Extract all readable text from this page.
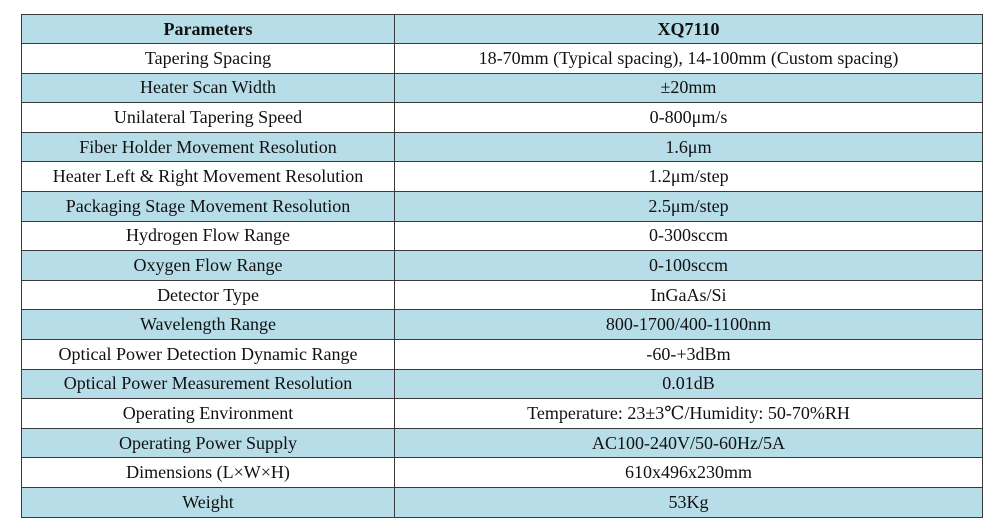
Parameters	XQ7110
Tapering Spacing	18-70mm (Typical spacing), 14-100mm (Custom spacing)
Heater Scan Width	±20mm
Unilateral Tapering Speed	0-800μm/s
Fiber Holder Movement Resolution	1.6μm
Heater Left & Right Movement Resolution	1.2μm/step
Packaging Stage Movement Resolution	2.5μm/step
Hydrogen Flow Range	0-300sccm
Oxygen Flow Range	0-100sccm
Detector Type	InGaAs/Si
Wavelength Range	800-1700/400-1100nm
Optical Power Detection Dynamic Range	-60-+3dBm
Optical Power Measurement Resolution	0.01dB
Operating Environment	Temperature: 23±3℃/Humidity: 50-70%RH
Operating Power Supply	AC100-240V/50-60Hz/5A
Dimensions (L×W×H)	610x496x230mm
Weight	53Kg
